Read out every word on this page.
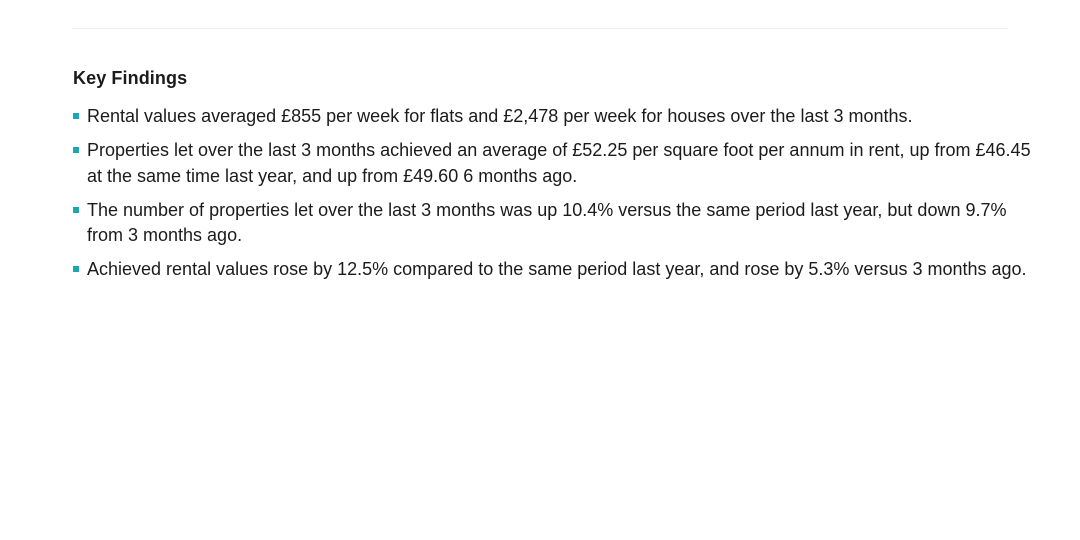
Key Findings
Rental values averaged £855 per week for flats and £2,478 per week for houses over the last 3 months.
Properties let over the last 3 months achieved an average of £52.25 per square foot per annum in rent, up from £46.45 at the same time last year, and up from £49.60 6 months ago.
The number of properties let over the last 3 months was up 10.4% versus the same period last year, but down 9.7% from 3 months ago.
Achieved rental values rose by 12.5% compared to the same period last year, and rose by 5.3% versus 3 months ago.
